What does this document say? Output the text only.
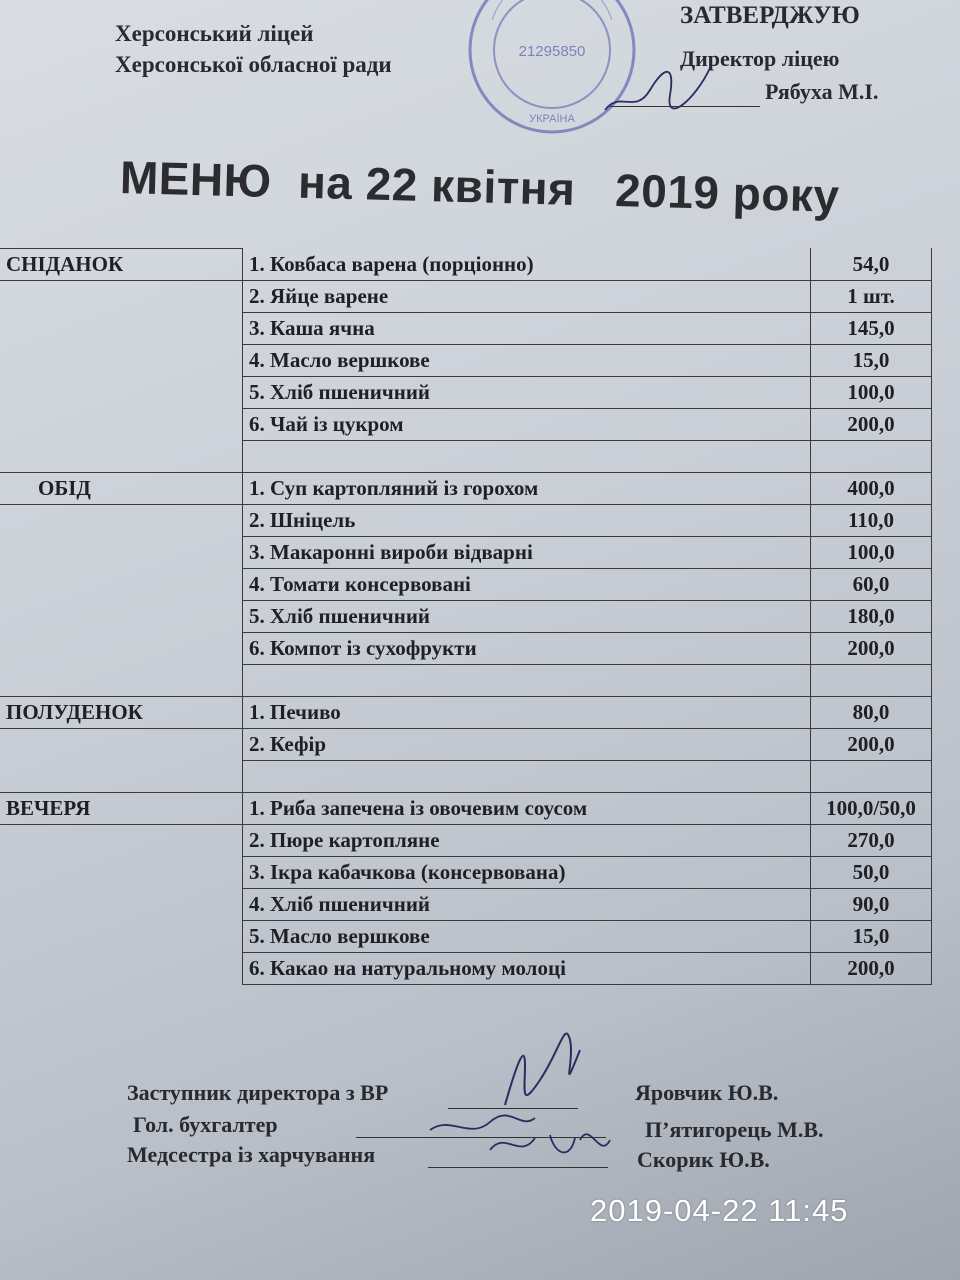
Херсонський ліцей
Херсонської обласної ради
21295850
УКРАЇНА
ЗАТВЕРДЖУЮ
Директор ліцею
Рябуха М.І.
МЕНЮ  на 22 квітня   2019 року
СНІДАНОК	1. Ковбаса варена (порціонно)	54,0
	2. Яйце варене	1 шт.
	3. Каша ячна	145,0
	4. Масло вершкове	15,0
	5. Хліб пшеничний	100,0
	6. Чай із цукром	200,0

ОБІД	1. Суп картопляний із горохом	400,0
	2. Шніцель	110,0
	3. Макаронні вироби відварні	100,0
	4. Томати консервовані	60,0
	5. Хліб пшеничний	180,0
	6. Компот із сухофрукти	200,0

ПОЛУДЕНОК	1. Печиво	80,0
	2. Кефір	200,0

ВЕЧЕРЯ	1. Риба запечена із овочевим соусом	100,0/50,0
	2. Пюре картопляне	270,0
	3. Ікра кабачкова (консервована)	50,0
	4. Хліб пшеничний	90,0
	5. Масло вершкове	15,0
	6. Какао на натуральному молоці	200,0
Заступник директора з ВР	Яровчик Ю.В.
Гол. бухгалтер	П’ятигорець М.В.
Медсестра із харчування	Скорик Ю.В.
2019-04-22 11:45
